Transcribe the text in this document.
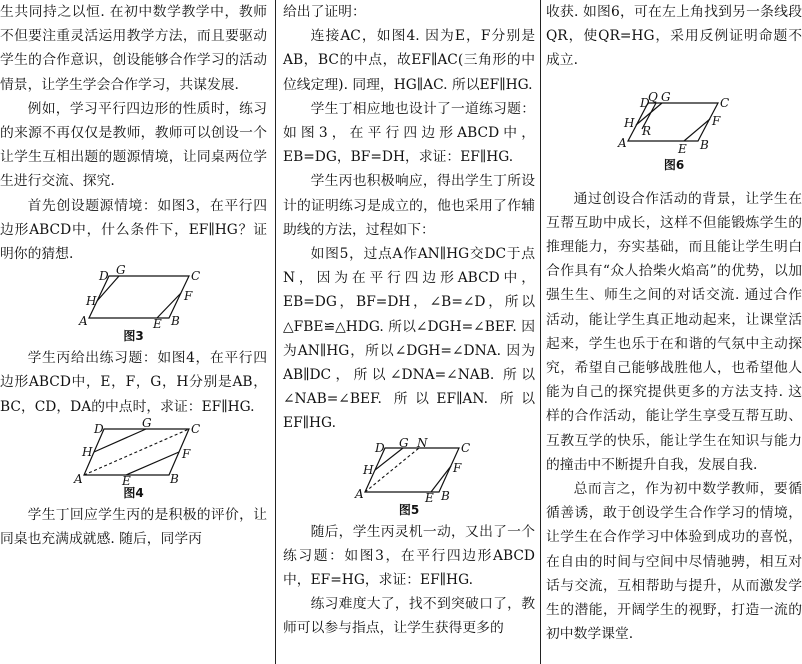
生共同持之以恒. 在初中数学教学中，教师不但要注重灵活运用教学方法，而且要驱动学生的合作意识，创设能够合作学习的活动情景，让学生学会合作学习，共谋发展.

例如，学习平行四边形的性质时，练习的来源不再仅仅是教师，教师可以创设一个让学生互相出题的题源情境，让同桌两位学生进行交流、探究.

首先创设题源情境：如图3，在平行四边形ABCD中，什么条件下，EF∥HG？证明你的猜想.

D G	C
H	F
A	B
E
图3

学生丙给出练习题：如图4，在平行四边形ABCD中，E，F，G，H分别是AB，BC，CD，DA的中点时，求证：EF∥HG.

D	G	C
H	F
A	B
E
图4

学生丁回应学生丙的是积极的评价，让同桌也充满成就感. 随后，同学丙

给出了证明：

连接AC，如图4. 因为E，F分别是AB，BC的中点，故EF∥AC(三角形的中位线定理). 同理，HG∥AC. 所以EF∥HG.

学生丁相应地也设计了一道练习题：如图3，在平行四边形ABCD中，EB=DG，BF=DH，求证：EF∥HG.

学生丙也积极响应，得出学生丁所设计的证明练习是成立的，他也采用了作辅助线的方法，过程如下：

如图5，过点A作AN∥HG交DC于点N，因为在平行四边形ABCD中，EB=DG，BF=DH，∠B=∠D，所以△FBE≌△HDG. 所以∠DGH=∠BEF. 因为AN∥HG，所以∠DGH=∠DNA. 因为AB∥DC，所以∠DNA=∠NAB. 所以∠NAB=∠BEF. 所以EF∥AN. 所以EF∥HG.

D G N	C
H	F
A	B
E
图5

随后，学生丙灵机一动，又出了一个练习题：如图3，在平行四边形ABCD中，EF=HG，求证：EF∥HG.

练习难度大了，找不到突破口了，教师可以参与指点，让学生获得更多的

收获. 如图6，可在左上角找到另一条线段QR，使QR=HG，采用反例证明命题不成立.

D
Q G	C
H
R
F
A	B
E
图6

通过创设合作活动的背景，让学生在互帮互助中成长，这样不但能锻炼学生的推理能力，夯实基础，而且能让学生明白合作具有“众人拾柴火焰高”的优势，以加强生生、师生之间的对话交流. 通过合作活动，能让学生真正地动起来，让课堂活起来，学生也乐于在和谐的气氛中主动探究，希望自己能够战胜他人，也希望他人能为自己的探究提供更多的方法支持. 这样的合作活动，能让学生享受互帮互助、互教互学的快乐，能让学生在知识与能力的撞击中不断提升自我，发展自我.

总而言之，作为初中数学教师，要循循善诱，敢于创设学生合作学习的情境，让学生在合作学习中体验到成功的喜悦，在自由的时间与空间中尽情驰骋，相互对话与交流，互相帮助与提升，从而激发学生的潜能，开阔学生的视野，打造一流的初中数学课堂.
